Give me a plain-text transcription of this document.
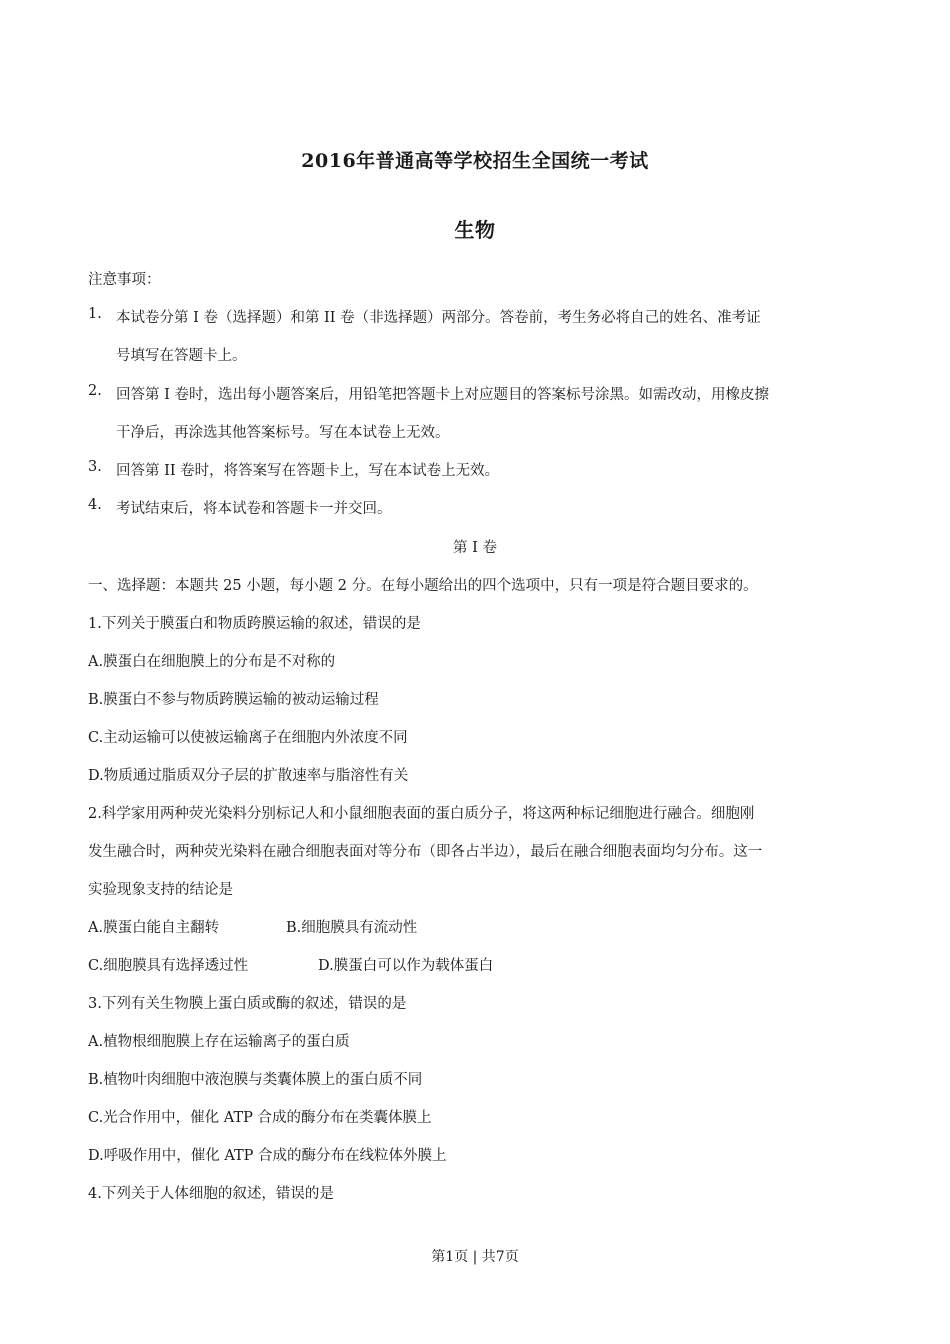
2016年普通高等学校招生全国统一考试
生物
注意事项：
1. 本试卷分第 I 卷（选择题）和第 II 卷（非选择题）两部分。答卷前，考生务必将自己的姓名、准考证
号填写在答题卡上。
2. 回答第 I 卷时，选出每小题答案后，用铅笔把答题卡上对应题目的答案标号涂黑。如需改动，用橡皮擦
干净后，再涂选其他答案标号。写在本试卷上无效。
3. 回答第 II 卷时，将答案写在答题卡上，写在本试卷上无效。
4. 考试结束后，将本试卷和答题卡一并交回。
第 I 卷
一、选择题：本题共 25 小题，每小题 2 分。在每小题给出的四个选项中，只有一项是符合题目要求的。
1.下列关于膜蛋白和物质跨膜运输的叙述，错误的是
A.膜蛋白在细胞膜上的分布是不对称的
B.膜蛋白不参与物质跨膜运输的被动运输过程
C.主动运输可以使被运输离子在细胞内外浓度不同
D.物质通过脂质双分子层的扩散速率与脂溶性有关
2.科学家用两种荧光染料分别标记人和小鼠细胞表面的蛋白质分子，将这两种标记细胞进行融合。细胞刚
发生融合时，两种荧光染料在融合细胞表面对等分布（即各占半边），最后在融合细胞表面均匀分布。这一
实验现象支持的结论是
A.膜蛋白能自主翻转	B.细胞膜具有流动性
C.细胞膜具有选择透过性	D.膜蛋白可以作为载体蛋白
3.下列有关生物膜上蛋白质或酶的叙述，错误的是
A.植物根细胞膜上存在运输离子的蛋白质
B.植物叶肉细胞中液泡膜与类囊体膜上的蛋白质不同
C.光合作用中，催化 ATP 合成的酶分布在类囊体膜上
D.呼吸作用中，催化 ATP 合成的酶分布在线粒体外膜上
4.下列关于人体细胞的叙述，错误的是
第1页 | 共7页
